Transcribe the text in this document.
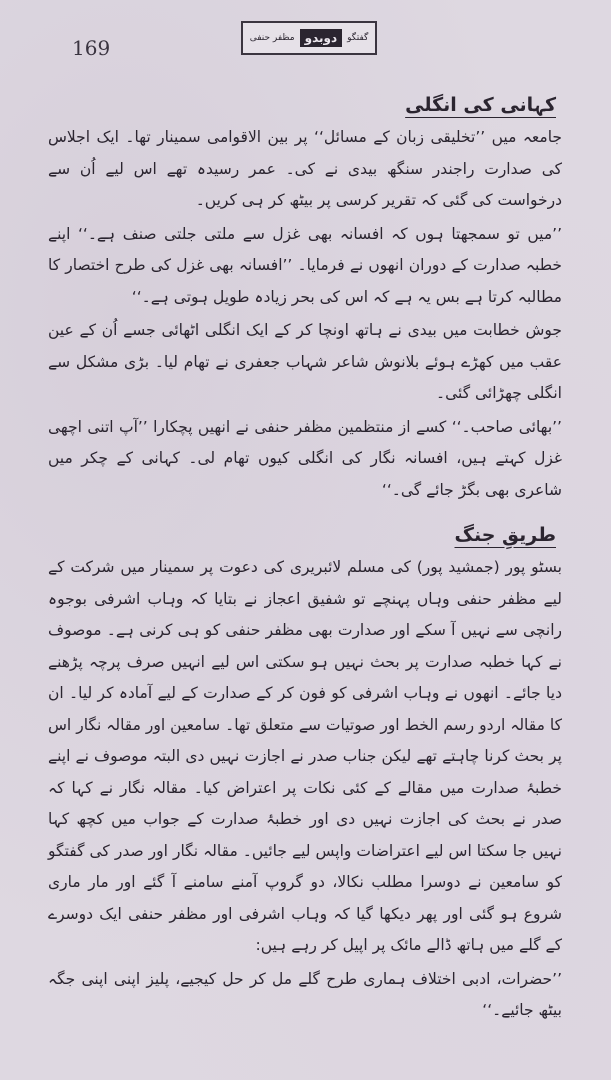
169	مظفر حنفی دوبدو	گفتگو
کہانی کی انگلی

جامعہ میں ’’تخلیقی زبان کے مسائل‘‘ پر بین الاقوامی سمینار تھا۔ ایک اجلاس کی صدارت راجندر سنگھ بیدی نے کی۔ عمر رسیدہ تھے اس لیے اُن سے درخواست کی گئی کہ تقریر کرسی پر بیٹھ کر ہی کریں۔

’’میں تو سمجھتا ہوں کہ افسانہ بھی غزل سے ملتی جلتی صنف ہے۔‘‘ اپنے خطبہ صدارت کے دوران انھوں نے فرمایا۔ ’’افسانہ بھی غزل کی طرح اختصار کا مطالبہ کرتا ہے بس یہ ہے کہ اس کی بحر زیادہ طویل ہوتی ہے۔‘‘

جوش خطابت میں بیدی نے ہاتھ اونچا کر کے ایک انگلی اٹھائی جسے اُن کے عین عقب میں کھڑے ہوئے بلانوش شاعر شہاب جعفری نے تھام لیا۔ بڑی مشکل سے انگلی چھڑائی گئی۔

’’بھائی صاحب۔‘‘ کسے از منتظمین مظفر حنفی نے انھیں پچکارا ’’آپ اتنی اچھی غزل کہتے ہیں، افسانہ نگار کی انگلی کیوں تھام لی۔ کہانی کے چکر میں شاعری بھی بگڑ جائے گی۔‘‘

طریقِ جنگ

بسٹو پور (جمشید پور) کی مسلم لائبریری کی دعوت پر سمینار میں شرکت کے لیے مظفر حنفی وہاں پہنچے تو شفیق اعجاز نے بتایا کہ وہاب اشرفی بوجوہ رانچی سے نہیں آ سکے اور صدارت بھی مظفر حنفی کو ہی کرنی ہے۔ موصوف نے کہا خطبہ صدارت پر بحث نہیں ہو سکتی اس لیے انہیں صرف پرچہ پڑھنے دیا جائے۔ انھوں نے وہاب اشرفی کو فون کر کے صدارت کے لیے آمادہ کر لیا۔ ان کا مقالہ اردو رسم الخط اور صوتیات سے متعلق تھا۔ سامعین اور مقالہ نگار اس پر بحث کرنا چاہتے تھے لیکن جناب صدر نے اجازت نہیں دی البتہ موصوف نے اپنے خطبۂ صدارت میں مقالے کے کئی نکات پر اعتراض کیا۔ مقالہ نگار نے کہا کہ صدر نے بحث کی اجازت نہیں دی اور خطبۂ صدارت کے جواب میں کچھ کہا نہیں جا سکتا اس لیے اعتراضات واپس لیے جائیں۔ مقالہ نگار اور صدر کی گفتگو کو سامعین نے دوسرا مطلب نکالا، دو گروپ آمنے سامنے آ گئے اور مار ماری شروع ہو گئی اور پھر دیکھا گیا کہ وہاب اشرفی اور مظفر حنفی ایک دوسرے کے گلے میں ہاتھ ڈالے مائک پر اپیل کر رہے ہیں:

’’حضرات، ادبی اختلاف ہماری طرح گلے مل کر حل کیجیے، پلیز اپنی اپنی جگہ بیٹھ جائیے۔‘‘
